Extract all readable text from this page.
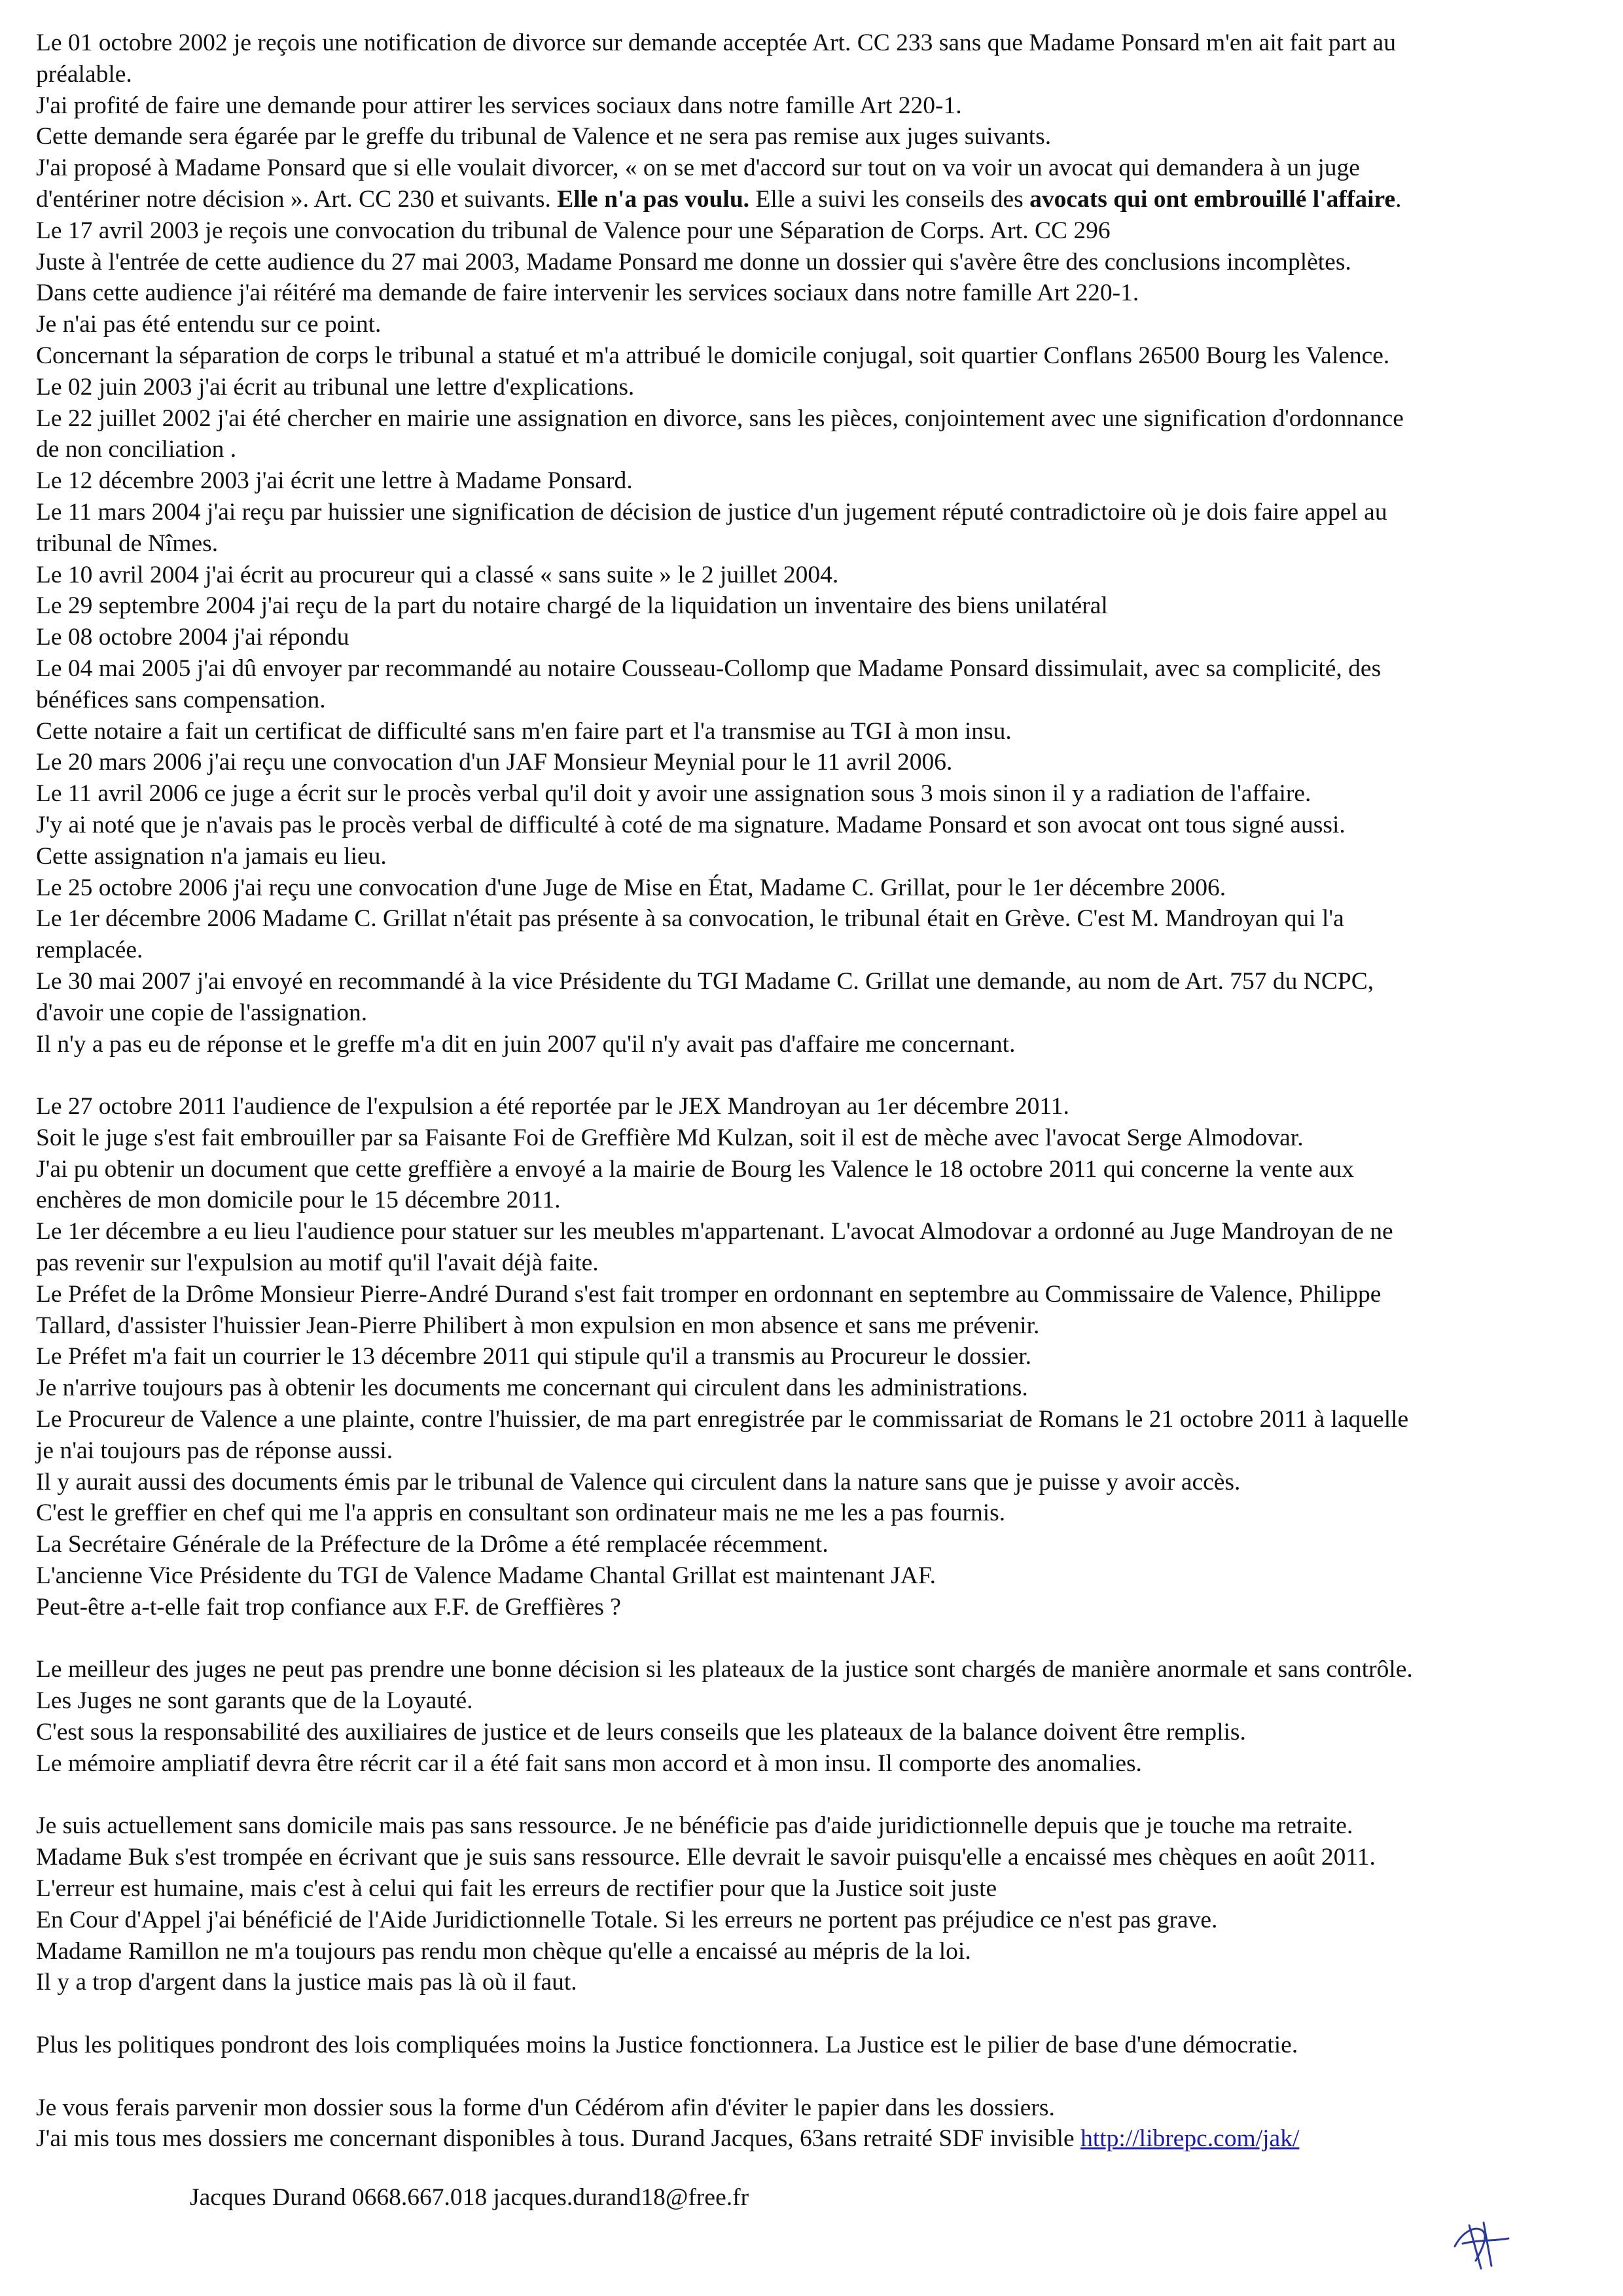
Le 01 octobre 2002 je reçois une notification de divorce sur demande acceptée Art. CC 233 sans que Madame Ponsard m'en ait fait part au
préalable.
J'ai profité de faire une demande pour attirer les services sociaux dans notre famille Art 220-1.
Cette demande sera égarée par le greffe du tribunal de Valence et ne sera pas remise aux juges suivants.
J'ai proposé à Madame Ponsard que si elle voulait divorcer, « on se met d'accord sur tout on va voir un avocat qui demandera à un juge
d'entériner notre décision ». Art. CC 230 et suivants. Elle n'a pas voulu. Elle a suivi les conseils des avocats qui ont embrouillé l'affaire.
Le 17 avril 2003 je reçois une convocation du tribunal de Valence pour une Séparation de Corps. Art. CC 296
Juste à l'entrée de cette audience du 27 mai 2003, Madame Ponsard me donne un dossier qui s'avère être des conclusions incomplètes.
Dans cette audience j'ai réitéré ma demande de faire intervenir les services sociaux dans notre famille Art 220-1.
Je n'ai pas été entendu sur ce point.
Concernant la séparation de corps le tribunal a statué et m'a attribué le domicile conjugal, soit quartier Conflans 26500 Bourg les Valence.
Le 02 juin 2003 j'ai écrit au tribunal une lettre d'explications.
Le 22 juillet 2002 j'ai été chercher en mairie une assignation en divorce, sans les pièces, conjointement avec une signification d'ordonnance
de non conciliation .
Le 12 décembre 2003 j'ai écrit une lettre à Madame Ponsard.
Le 11 mars 2004 j'ai reçu par huissier une signification de décision de justice d'un jugement réputé contradictoire où je dois faire appel au
tribunal de Nîmes.
Le 10 avril 2004 j'ai écrit au procureur qui a classé « sans suite » le 2 juillet 2004.
Le 29 septembre 2004 j'ai reçu de la part du notaire chargé de la liquidation un inventaire des biens unilatéral
Le 08 octobre 2004 j'ai répondu
Le 04 mai 2005 j'ai dû envoyer par recommandé au notaire Cousseau-Collomp que Madame Ponsard dissimulait, avec sa complicité, des
bénéfices sans compensation.
Cette notaire a fait un certificat de difficulté sans m'en faire part et l'a transmise au TGI à mon insu.
Le 20 mars 2006 j'ai reçu une convocation d'un JAF Monsieur Meynial pour le 11 avril 2006.
Le 11 avril 2006 ce juge a écrit sur le procès verbal qu'il doit y avoir une assignation sous 3 mois sinon il y a radiation de l'affaire.
J'y ai noté que je n'avais pas le procès verbal de difficulté à coté de ma signature. Madame Ponsard et son avocat ont tous signé aussi.
Cette assignation n'a jamais eu lieu.
Le 25 octobre 2006 j'ai reçu une convocation d'une Juge de Mise en État, Madame C. Grillat, pour le 1er décembre 2006.
Le 1er décembre 2006 Madame C. Grillat n'était pas présente à sa convocation, le tribunal était en Grève. C'est M. Mandroyan qui l'a
remplacée.
Le 30 mai 2007 j'ai envoyé en recommandé à la vice Présidente du TGI Madame C. Grillat une demande, au nom de Art. 757 du NCPC,
d'avoir une copie de l'assignation.
Il n'y a pas eu de réponse et le greffe m'a dit en juin 2007 qu'il n'y avait pas d'affaire me concernant.
Le 27 octobre 2011 l'audience de l'expulsion a été reportée par le JEX Mandroyan au 1er décembre 2011.
Soit le juge s'est fait embrouiller par sa Faisante Foi de Greffière Md Kulzan, soit il est de mèche avec l'avocat Serge Almodovar.
J'ai pu obtenir un document que cette greffière a envoyé a la mairie de Bourg les Valence le 18 octobre 2011 qui concerne la vente aux
enchères de mon domicile pour le 15 décembre 2011.
Le 1er décembre a eu lieu l'audience pour statuer sur les meubles m'appartenant. L'avocat Almodovar a ordonné au Juge Mandroyan de ne
pas revenir sur l'expulsion au motif qu'il l'avait déjà faite.
Le Préfet de la Drôme Monsieur Pierre-André Durand s'est fait tromper en ordonnant en septembre au Commissaire de Valence, Philippe
Tallard, d'assister l'huissier Jean-Pierre Philibert à mon expulsion en mon absence et sans me prévenir.
Le Préfet m'a fait un courrier le 13 décembre 2011 qui stipule qu'il a transmis au Procureur le dossier.
Je n'arrive toujours pas à obtenir les documents me concernant qui circulent dans les administrations.
Le Procureur de Valence a une plainte, contre l'huissier, de ma part enregistrée par le commissariat de Romans le 21 octobre 2011 à laquelle
je n'ai toujours pas de réponse aussi.
Il y aurait aussi des documents émis par le tribunal de Valence qui circulent dans la nature sans que je puisse y avoir accès.
C'est le greffier en chef qui me l'a appris en consultant son ordinateur mais ne me les a pas fournis.
La Secrétaire Générale de la Préfecture de la Drôme a été remplacée récemment.
L'ancienne Vice Présidente du TGI de Valence Madame Chantal Grillat est maintenant JAF.
Peut-être a-t-elle fait trop confiance aux F.F. de Greffières ?
Le meilleur des juges ne peut pas prendre une bonne décision si les plateaux de la justice sont chargés de manière anormale et sans contrôle.
Les Juges ne sont garants que de la Loyauté.
C'est sous la responsabilité des auxiliaires de justice et de leurs conseils que les plateaux de la balance doivent être remplis.
Le mémoire ampliatif devra être récrit car il a été fait sans mon accord et à mon insu. Il comporte des anomalies.
Je suis actuellement sans domicile mais pas sans ressource. Je ne bénéficie pas d'aide juridictionnelle depuis que je touche ma retraite.
Madame Buk s'est trompée en écrivant que je suis sans ressource. Elle devrait le savoir puisqu'elle a encaissé mes chèques en août 2011.
L'erreur est humaine, mais c'est à celui qui fait les erreurs de rectifier pour que la Justice soit juste
En Cour d'Appel j'ai bénéficié de l'Aide Juridictionnelle Totale. Si les erreurs ne portent pas préjudice ce n'est pas grave.
Madame Ramillon ne m'a toujours pas rendu mon chèque qu'elle a encaissé au mépris de la loi.
Il y a trop d'argent dans la justice mais pas là où il faut.
Plus les politiques pondront des lois compliquées moins la Justice fonctionnera. La Justice est le pilier de base d'une démocratie.
Je vous ferais parvenir mon dossier sous la forme d'un Cédérom afin d'éviter le papier dans les dossiers.
J'ai mis tous mes dossiers me concernant disponibles à tous. Durand Jacques, 63ans retraité SDF invisible http://librepc.com/jak/
Jacques Durand 0668.667.018 jacques.durand18@free.fr
